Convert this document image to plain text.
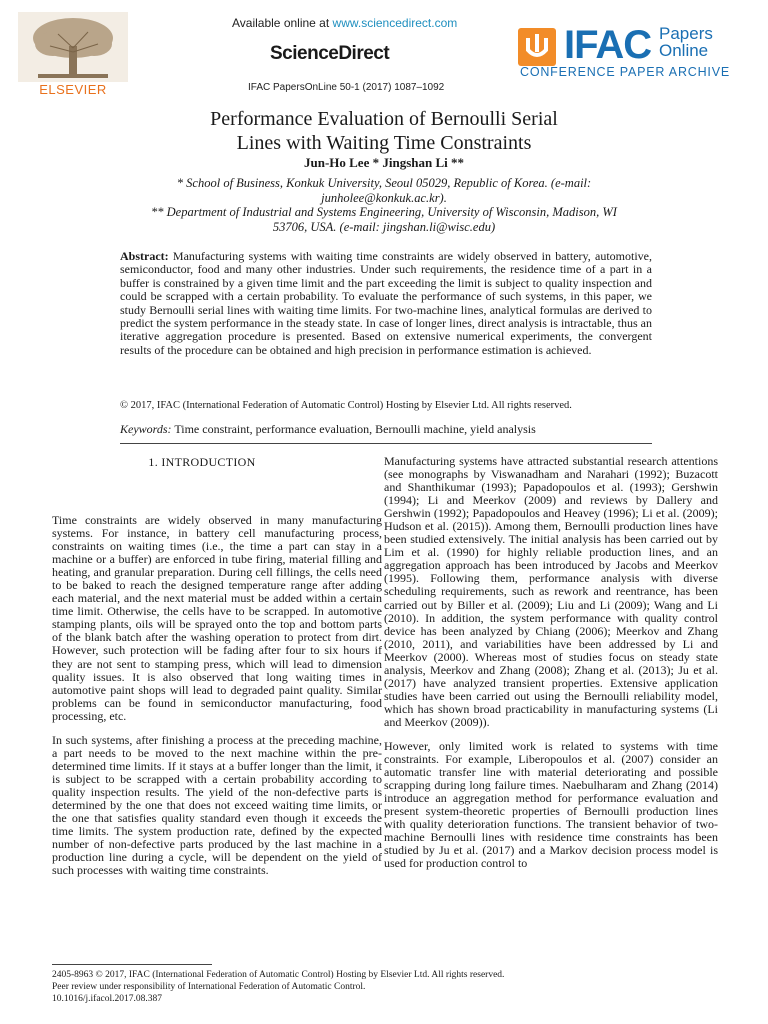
ELSEVIER
Available online at www.sciencedirect.com
ScienceDirect
IFAC PapersOnLine 50-1 (2017) 1087–1092
IFAC Papers
Online
CONFERENCE PAPER ARCHIVE
Performance Evaluation of Bernoulli Serial
Lines with Waiting Time Constraints
Jun-Ho Lee * Jingshan Li **
* School of Business, Konkuk University, Seoul 05029, Republic of Korea. (e-mail: junholee@konkuk.ac.kr).
** Department of Industrial and Systems Engineering, University of Wisconsin, Madison, WI 53706, USA. (e-mail: jingshan.li@wisc.edu)
Abstract: Manufacturing systems with waiting time constraints are widely observed in battery, automotive, semiconductor, food and many other industries. Under such requirements, the residence time of a part in a buffer is constrained by a given time limit and the part exceeding the limit is subject to quality inspection and could be scrapped with a certain probability. To evaluate the performance of such systems, in this paper, we study Bernoulli serial lines with waiting time limits. For two-machine lines, analytical formulas are derived to predict the system performance in the steady state. In case of longer lines, direct analysis is intractable, thus an iterative aggregation procedure is presented. Based on extensive numerical experiments, the convergent results of the procedure can be obtained and high precision in performance estimation is achieved.
© 2017, IFAC (International Federation of Automatic Control) Hosting by Elsevier Ltd. All rights reserved.
Keywords: Time constraint, performance evaluation, Bernoulli machine, yield analysis
1. INTRODUCTION

Time constraints are widely observed in many manufacturing systems. For instance, in battery cell manufacturing process, constraints on waiting times (i.e., the time a part can stay in a machine or a buffer) are enforced in tube firing, material filling and heating, and granular preparation. During cell fillings, the cells need to be baked to reach the designed temperature range after adding each material, and the next material must be added within a certain time limit. Otherwise, the cells have to be scrapped. In automotive stamping plants, oils will be sprayed onto the top and bottom parts of the blank batch after the washing operation to protect from dirt. However, such protection will be fading after four to six hours if they are not sent to stamping press, which will lead to dimension quality issues. It is also observed that long waiting times in automotive paint shops will lead to degraded paint quality. Similar problems can be found in semiconductor manufacturing, food processing, etc.

In such systems, after finishing a process at the preceding machine, a part needs to be moved to the next machine within the pre-determined time limits. If it stays at a buffer longer than the limit, it is subject to be scrapped with a certain probability according to quality inspection results. The yield of the non-defective parts is determined by the one that does not exceed waiting time limits, or the one that satisfies quality standard even though it exceeds the time limits. The system production rate, defined by the expected number of non-defective parts produced by the last machine in a production line during a cycle, will be dependent on the yield of such processes with waiting time constraints.

Manufacturing systems have attracted substantial research attentions (see monographs by Viswanadham and Narahari (1992); Buzacott and Shanthikumar (1993); Papadopoulos et al. (1993); Gershwin (1994); Li and Meerkov (2009) and reviews by Dallery and Gershwin (1992); Papadopoulos and Heavey (1996); Li et al. (2009); Hudson et al. (2015)). Among them, Bernoulli production lines have been studied extensively. The initial analysis has been carried out by Lim et al. (1990) for highly reliable production lines, and an aggregation approach has been introduced by Jacobs and Meerkov (1995). Following them, performance analysis with diverse scheduling requirements, such as rework and reentrance, has been carried out by Biller et al. (2009); Liu and Li (2009); Wang and Li (2010). In addition, the system performance with quality control device has been analyzed by Chiang (2006); Meerkov and Zhang (2010, 2011), and variabilities have been addressed by Li and Meerkov (2000). Whereas most of studies focus on steady state analysis, Meerkov and Zhang (2008); Zhang et al. (2013); Ju et al. (2017) have analyzed transient properties. Extensive application studies have been carried out using the Bernoulli reliability model, which has shown broad practicability in manufacturing systems (Li and Meerkov (2009)).

However, only limited work is related to systems with time constraints. For example, Liberopoulos et al. (2007) consider an automatic transfer line with material deteriorating and possible scrapping during long failure times. Naebulharam and Zhang (2014) introduce an aggregation method for performance evaluation and present system-theoretic properties of Bernoulli production lines with quality deterioration functions. The transient behavior of two-machine Bernoulli lines with residence time constraints has been studied by Ju et al. (2017) and a Markov decision process model is used for production control to

2405-8963 © 2017, IFAC (International Federation of Automatic Control) Hosting by Elsevier Ltd. All rights reserved.
Peer review under responsibility of International Federation of Automatic Control.
10.1016/j.ifacol.2017.08.387
